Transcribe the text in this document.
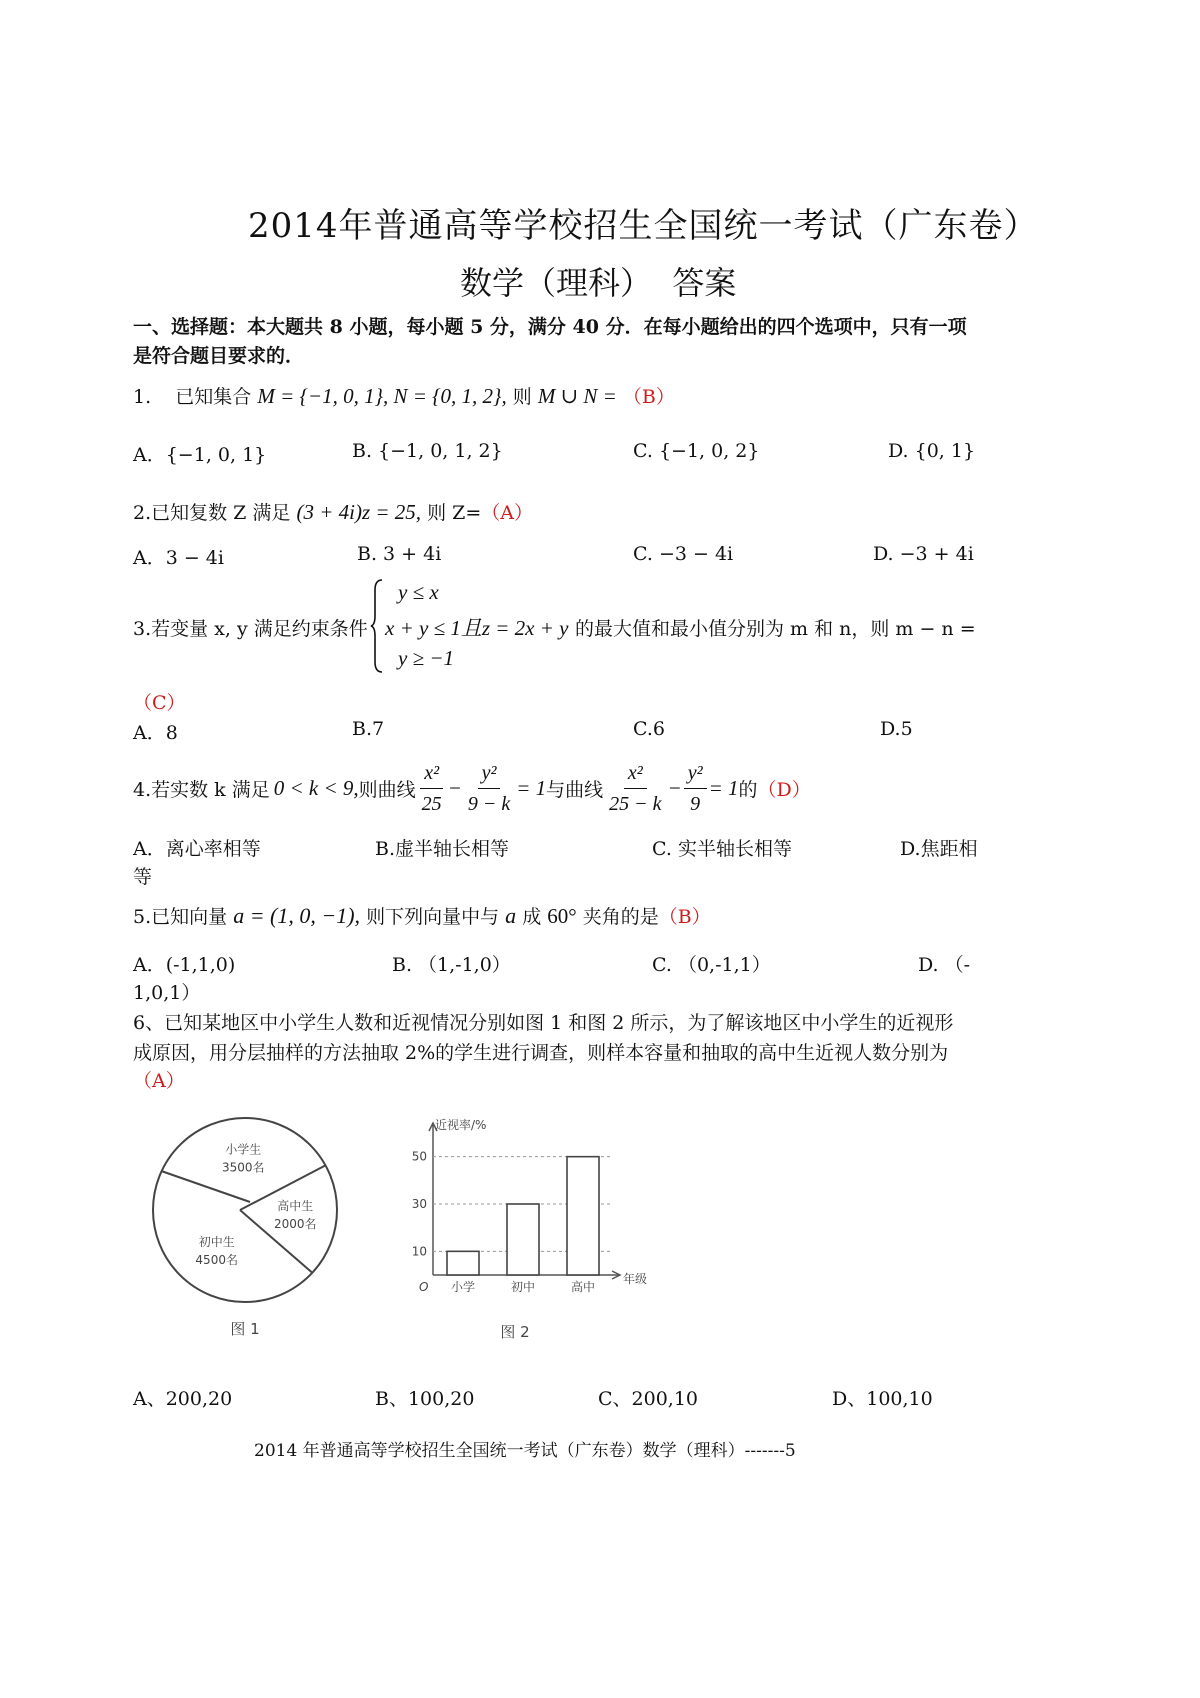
2014年普通高等学校招生全国统一考试（广东卷）
数学（理科）  答案
一、选择题：本大题共 8 小题，每小题 5 分，满分 40 分．在每小题给出的四个选项中，只有一项
是符合题目要求的．
1.    已知集合 M = {−1, 0, 1}, N = {0, 1, 2}, 则 M ∪ N = （B）
A．{−1, 0, 1}	B. {−1, 0, 1, 2}	C. {−1, 0, 2}	D. {0, 1}
2.已知复数 Z 满足 (3 + 4i)z = 25, 则 Z=（A）
A．3 − 4i	B. 3 + 4i	C. −3 − 4i	D. −3 + 4i
3.若变量 x, y 满足约束条件
y ≤ x
x + y ≤ 1且z = 2x + y
y ≥ −1
的最大值和最小值分别为 m 和 n，则 m − n =
（C）
A．8	B.7	C.6	D.5
4.若实数 k 满足 0 < k < 9, 则曲线 $\frac{\text{x²}}{25} - \frac{\text{y²}}{9 - k} = 1$ 与曲线 $\frac{\text{x²}}{25 - k} - \frac{\text{y²}}{9} = 1$ 的 （D）
A．离心率相等	B.虚半轴长相等	C. 实半轴长相等	D.焦距相
等
5.已知向量 a = (1, 0, −1), 则下列向量中与 a 成 60° 夹角的是（B）
A．(-1,1,0)	B. （1,-1,0）	C. （0,-1,1）	D. （-
1,0,1）
6、已知某地区中小学生人数和近视情况分别如图 1 和图 2 所示，为了解该地区中小学生的近视形
成原因，用分层抽样的方法抽取 2%的学生进行调查，则样本容量和抽取的高中生近视人数分别为
（A）
小学生
3500名
高中生
2000名
初中生
4500名
图 1
近视率/%
年级
O
10
30
50
小学	初中	高中
图 2
A、200,20	B、100,20	C、200,10	D、100,10
2014 年普通高等学校招生全国统一考试（广东卷）数学（理科）-------5
